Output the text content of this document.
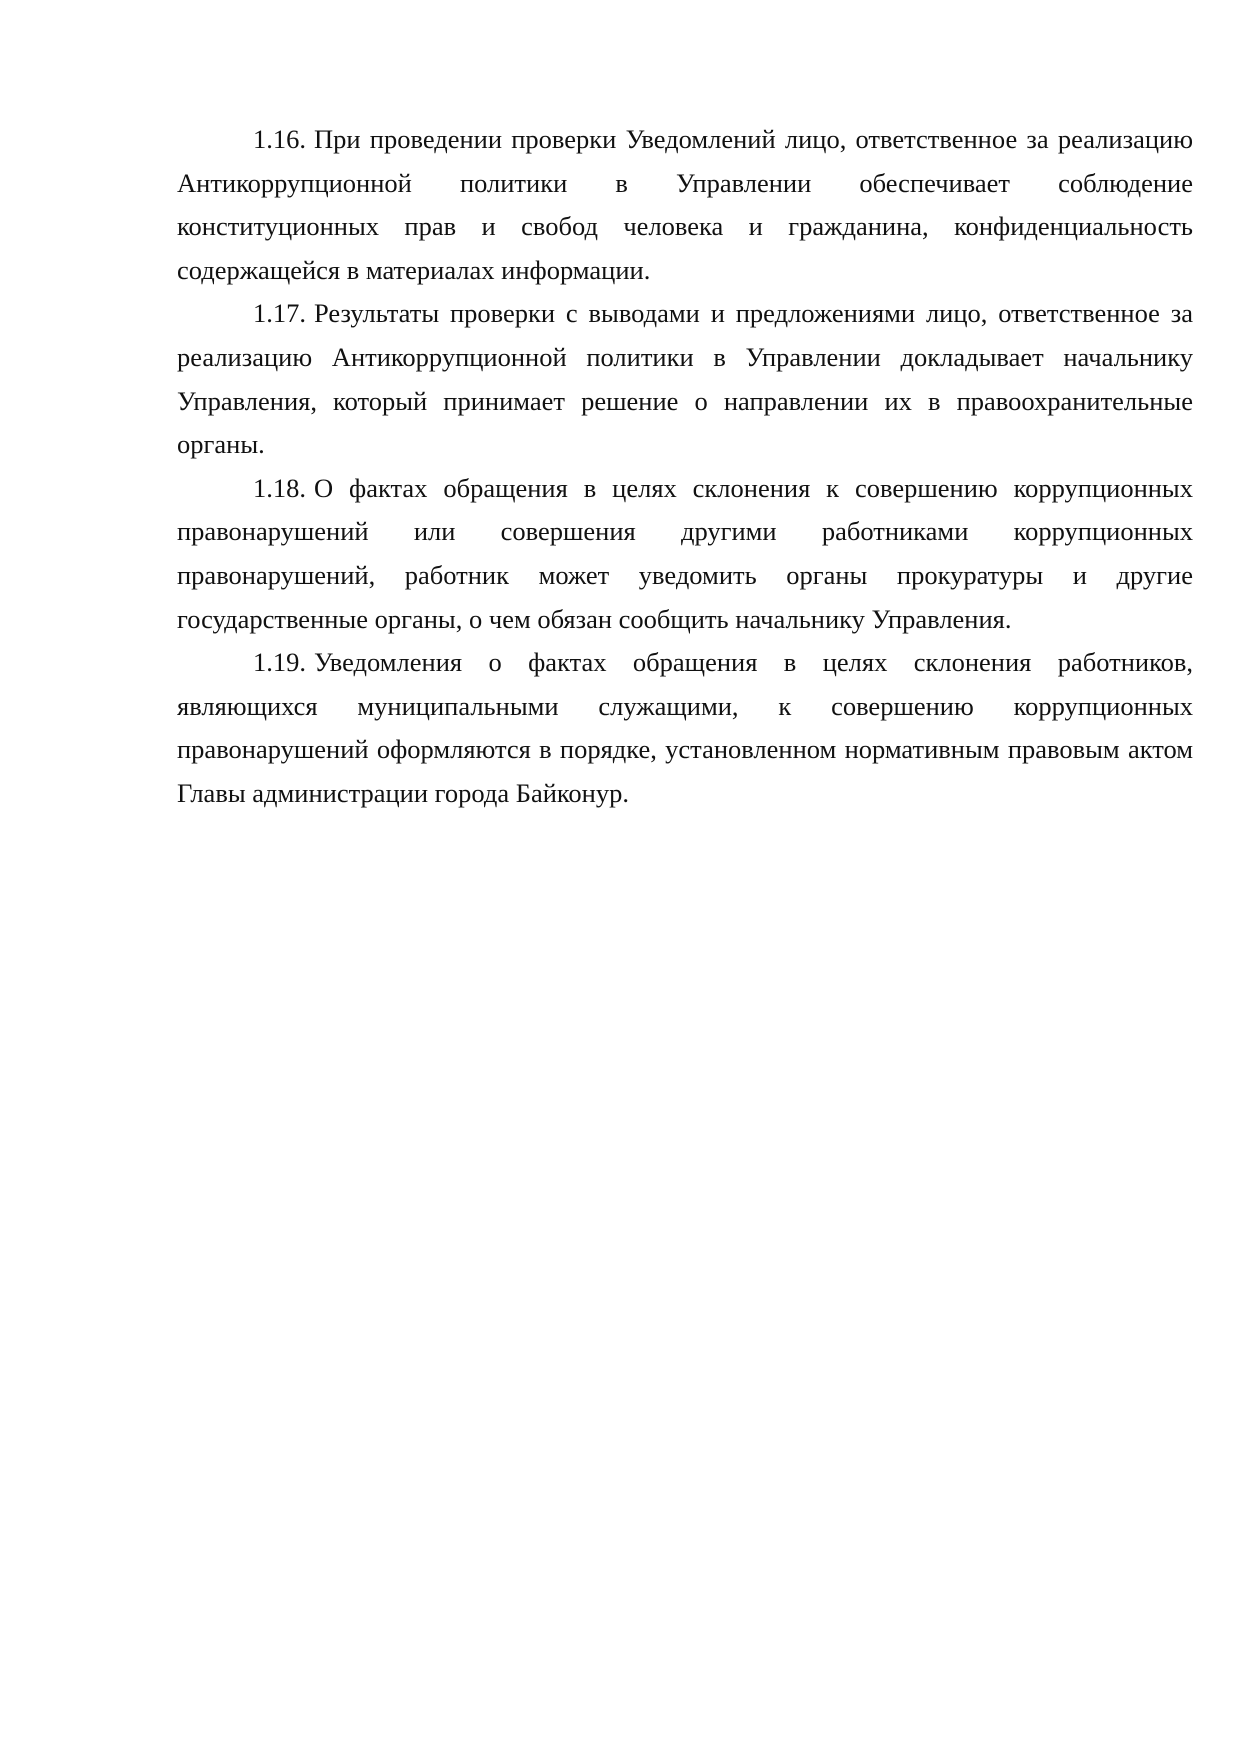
1.16. При проведении проверки Уведомлений лицо, ответственное за реализацию Антикоррупционной политики в Управлении обеспечивает соблюдение конституционных прав и свобод человека и гражданина, конфиденциальность содержащейся в материалах информации.

1.17. Результаты проверки с выводами и предложениями лицо, ответственное за реализацию Антикоррупционной политики в Управлении докладывает начальнику Управления, который принимает решение о направлении их в правоохранительные органы.

1.18. О фактах обращения в целях склонения к совершению коррупционных правонарушений или совершения другими работниками коррупционных правонарушений, работник может уведомить органы прокуратуры и другие государственные органы, о чем обязан сообщить начальнику Управления.

1.19. Уведомления о фактах обращения в целях склонения работников, являющихся муниципальными служащими, к совершению коррупционных правонарушений оформляются в порядке, установленном нормативным правовым актом Главы администрации города Байконур.
